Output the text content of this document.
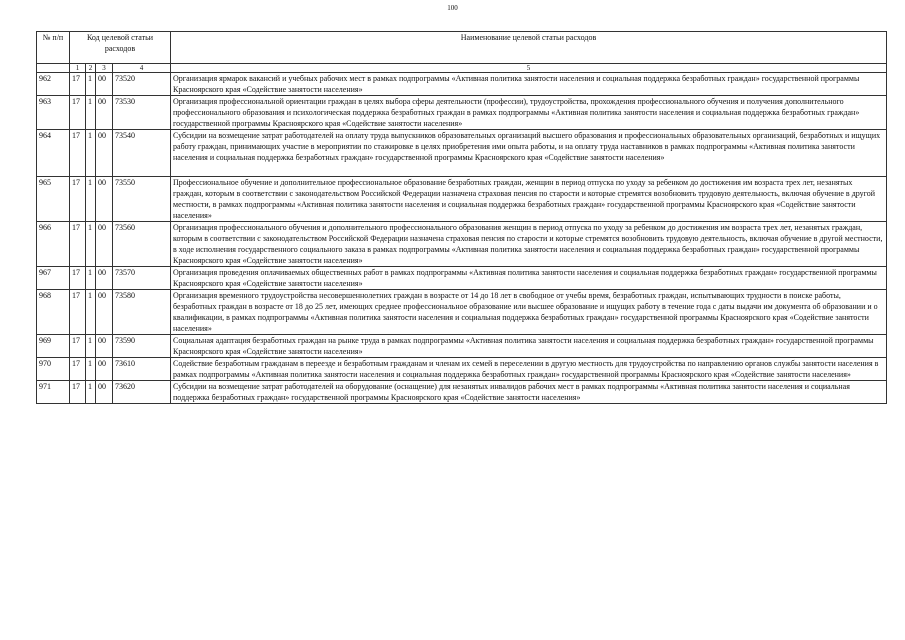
100
№ п/п	Код целевой статьи расходов				Наименование целевой статьи расходов
	1	2	3	4	5
962	17	1	00	73520	Организация ярмарок вакансий и учебных рабочих мест в рамках подпрограммы «Активная политика занятости населения и социальная поддержка безработных граждан» государственной программы Красноярского края «Содействие занятости населения»
963	17	1	00	73530	Организация профессиональной ориентации граждан в целях выбора сферы деятельности (профессии), трудоустройства, прохождения профессионального обучения и получения дополнительного профессионального образования и психологическая поддержка безработных граждан в рамках подпрограммы «Активная политика занятости населения и социальная поддержка безработных граждан» государственной программы Красноярского края «Содействие занятости населения»
964	17	1	00	73540	Субсидии на возмещение затрат работодателей на оплату труда выпускников образовательных организаций высшего образования и профессиональных образовательных организаций, безработных и ищущих работу граждан, принимающих участие в мероприятии по стажировке в целях приобретения ими опыта работы, и на оплату труда наставников в рамках подпрограммы «Активная политика занятости населения и социальная поддержка безработных граждан» государственной программы Красноярского края «Содействие занятости населения»
965	17	1	00	73550	Профессиональное обучение и дополнительное профессиональное образование безработных граждан, женщин в период отпуска по уходу за ребенком до достижения им возраста трех лет, незанятых граждан, которым в соответствии с законодательством Российской Федерации назначена страховая пенсия по старости и которые стремятся возобновить трудовую деятельность, включая обучение в другой местности, в рамках подпрограммы «Активная политика занятости населения и социальная поддержка безработных граждан» государственной программы Красноярского края «Содействие занятости населения»
966	17	1	00	73560	Организация профессионального обучения и дополнительного профессионального образования женщин в период отпуска по уходу за ребенком до достижения им возраста трех лет, незанятых граждан, которым в соответствии с законодательством Российской Федерации назначена страховая пенсия по старости и которые стремятся возобновить трудовую деятельность, включая обучение в другой местности, в ходе исполнения государственного социального заказа в рамках подпрограммы «Активная политика занятости населения и социальная поддержка безработных граждан» государственной программы Красноярского края «Содействие занятости населения»
967	17	1	00	73570	Организация проведения оплачиваемых общественных работ в рамках подпрограммы «Активная политика занятости населения и социальная поддержка безработных граждан» государственной программы Красноярского края «Содействие занятости населения»
968	17	1	00	73580	Организация временного трудоустройства несовершеннолетних граждан в возрасте от 14 до 18 лет в свободное от учебы время, безработных граждан, испытывающих трудности в поиске работы, безработных граждан в возрасте от 18 до 25 лет, имеющих среднее профессиональное образование или высшее образование и ищущих работу в течение года с даты выдачи им документа об образовании и о квалификации, в рамках подпрограммы «Активная политика занятости населения и социальная поддержка безработных граждан» государственной программы Красноярского края «Содействие занятости населения»
969	17	1	00	73590	Социальная адаптация безработных граждан на рынке труда в рамках подпрограммы «Активная политика занятости населения и социальная поддержка безработных граждан» государственной программы Красноярского края «Содействие занятости населения»
970	17	1	00	73610	Содействие безработным гражданам в переезде и безработным гражданам и членам их семей в переселении в другую местность для трудоустройства по направлению органов службы занятости населения в рамках подпрограммы «Активная политика занятости населения и социальная поддержка безработных граждан» государственной программы Красноярского края «Содействие занятости населения»
971	17	1	00	73620	Субсидии на возмещение затрат работодателей на оборудование (оснащение) для незанятых инвалидов рабочих мест в рамках подпрограммы «Активная политика занятости населения и социальная поддержка безработных граждан» государственной программы Красноярского края «Содействие занятости населения»
